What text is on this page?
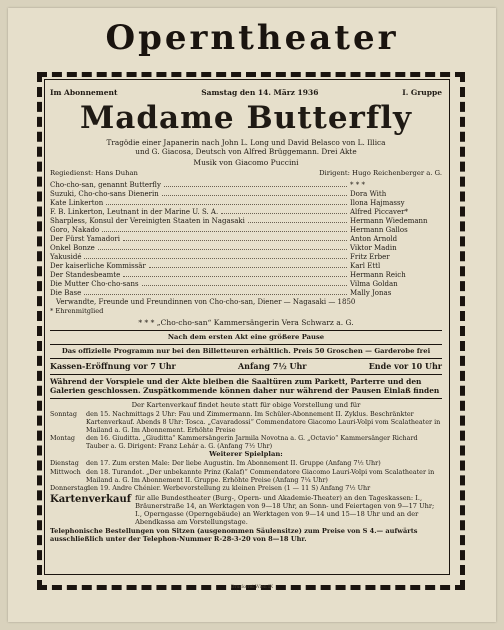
Operntheater
Im Abonnement	Samstag den 14. März 1936	I. Gruppe
Madame Butterfly
Tragödie einer Japanerin nach John L. Long und David Belasco von L. Illica
und G. Giacosa, Deutsch von Alfred Brüggemann. Drei Akte
Musik von Giacomo Puccini
Regiedienst: Hans Duhan	Dirigent: Hugo Reichenberger a. G.
Cho-cho-san, genannt Butterfly	* * *
Suzuki, Cho-cho-sans Dienerin	Dora With
Kate Linkerton	Ilona Hajmassy
F. B. Linkerton, Leutnant in der Marine U. S. A.	Alfred Piccaver*
Sharpless, Konsul der Vereinigten Staaten in Nagasaki	Hermann Wiedemann
Goro, Nakado	Hermann Gallos
Der Fürst Yamadori	Anton Arnold
Onkel Bonze	Viktor Madin
Yakusidé	Fritz Erber
Der kaiserliche Kommissär	Karl Ettl
Der Standesbeamte	Hermann Reich
Die Mutter Cho-cho-sans	Vilma Goldan
Die Base	Mally Jonas
Verwandte, Freunde und Freundinnen von Cho-cho-san, Diener — Nagasaki — 1850
* Ehrenmitglied
* * * „Cho-cho-san“ Kammersängerin Vera Schwarz a. G.
Nach dem ersten Akt eine größere Pause
Das offizielle Programm nur bei den Billetteuren erhältlich. Preis 50 Groschen — Garderobe frei
Kassen-Eröffnung vor 7 Uhr	Anfang 7½ Uhr	Ende vor 10 Uhr
Während der Vorspiele und der Akte bleiben die Saaltüren zum Parkett, Parterre und den Galerien geschlossen. Zuspätkommende können daher nur während der Pausen Einlaß finden
Der Kartenverkauf findet heute statt für obige Vorstellung und für
Sonntag	den 15. Nachmittags 2 Uhr: Fau und Zimmermann. Im Schüler-Abonnement II. Zyklus. Beschränkter Kartenverkauf. Abends 8 Uhr: Tosca. „Cavaradossi“ Commendatore Giacomo Lauri-Volpi vom Scalatheater in Mailand a. G. Im Abonnement. Erhöhte Preise
Montag	den 16. Giuditta. „Giuditta“ Kammersängerin Jarmila Novotna a. G. „Octavio“ Kammersänger Richard Tauber a. G. Dirigent: Franz Lehár a. G. (Anfang 7½ Uhr)
Weiterer Spielplan:
Dienstag	den 17. Zum ersten Male: Der liebe Augustin. Im Abonnement II. Gruppe (Anfang 7½ Uhr)
Mittwoch den 18. Turandot. „Der unbekannte Prinz (Kalaf)“ Commendatore Giacomo Lauri-Volpi vom Scalatheater in Mailand a. G. Im Abonnement II. Gruppe. Erhöhte Preise (Anfang 7¼ Uhr)
Donnerstag
den 19. Andre Chénier. Werbevorstellung zu kleinen Preisen (1 — 11 S) Anfang 7½ Uhr
Kartenverkauf für alle Bundestheater (Burg-, Opern- und Akademie-Theater) an den Tageskassen: I., Bräunerstraße 14, an Werktagen von 9—18 Uhr, an Sonn- und Feiertagen von 9—17 Uhr; I., Operngasse (Operngebäude) an Werktagen von 9—14 und 15—18 Uhr und an der Abendkassa am Vorstellungstage.
Telephonische Bestellungen von Sitzen (ausgenommen Säulensitze) zum Preise von S 4.— aufwärts ausschließlich unter der Telephon-Nummer R-28-3-20 von 8—18 Uhr.
Druckerei Wien IX
